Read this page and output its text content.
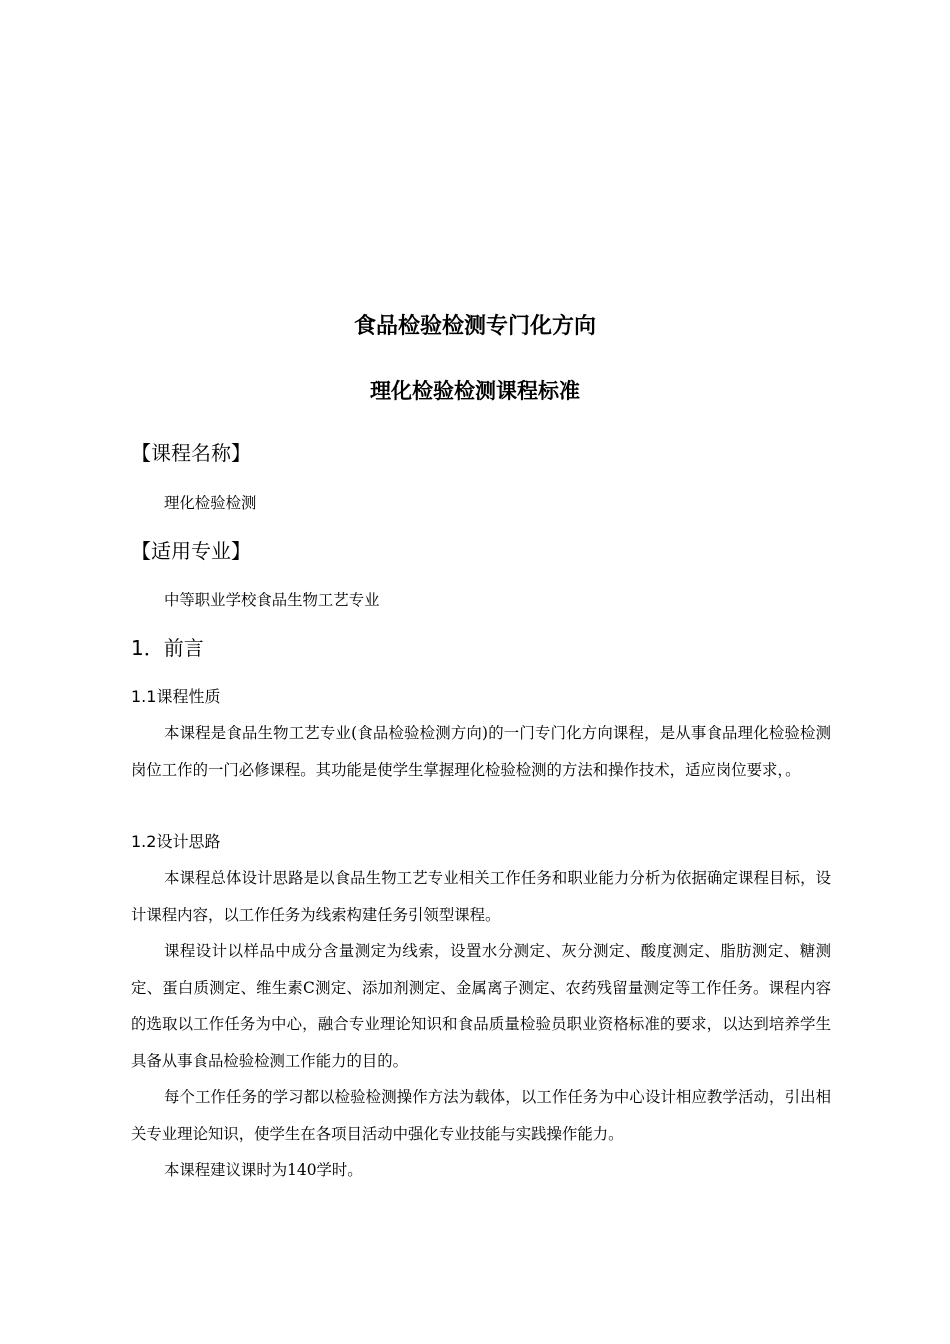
食品检验检测专门化方向
理化检验检测课程标准
【课程名称】
理化检验检测
【适用专业】
中等职业学校食品生物工艺专业
1．前言
1.1课程性质

本课程是食品生物工艺专业(食品检验检测方向)的一门专门化方向课程，是从事食品理化检验检测岗位工作的一门必修课程。其功能是使学生掌握理化检验检测的方法和操作技术，适应岗位要求，。

1.2设计思路

本课程总体设计思路是以食品生物工艺专业相关工作任务和职业能力分析为依据确定课程目标，设计课程内容，以工作任务为线索构建任务引领型课程。

课程设计以样品中成分含量测定为线索，设置水分测定、灰分测定、酸度测定、脂肪测定、糖测定、蛋白质测定、维生素C测定、添加剂测定、金属离子测定、农药残留量测定等工作任务。课程内容的选取以工作任务为中心，融合专业理论知识和食品质量检验员职业资格标准的要求，以达到培养学生具备从事食品检验检测工作能力的目的。

每个工作任务的学习都以检验检测操作方法为载体，以工作任务为中心设计相应教学活动，引出相关专业理论知识，使学生在各项目活动中强化专业技能与实践操作能力。

本课程建议课时为140学时。
